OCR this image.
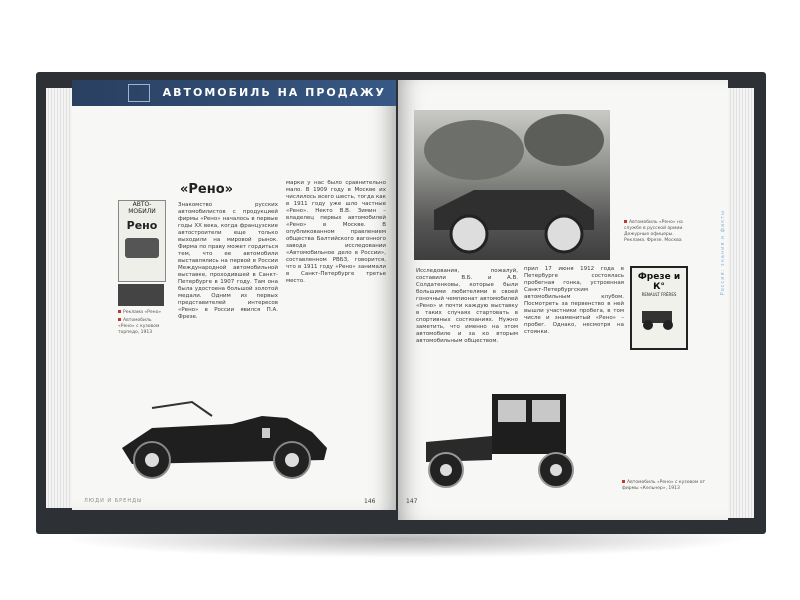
АВТОМОБИЛЬ НА ПРОДАЖУ
АВТО-МОБИЛИ
Рено
Реклама «Рено»
Автомобиль «Рено» с кузовом торпедо, 1913
«Рено»
Знакомство русских автомобилистов с продукцией фирмы «Рено» началось в первые годы XX века, когда французские автостроители еще только выходили на мировой рынок. Фирма по праву может гордиться тем, что ее автомобили выставлялись на первой в России Международной автомобильной выставке, проходившей в Санкт-Петербурге в 1907 году. Там она была удостоена большой золотой медали. Одним из первых представителей интересов «Рено» в России явился П.А. Фрезе.
марки у нас было сравнительно мало. В 1909 году в Москве их числилось всего шесть, тогда как в 1911 году уже шло частные «Рено». Некто В.В. Зимин – владелец первых автомобилей «Рено» в Москве. В опубликованном правлением общества Балтийского вагонного завода исследовании «Автомобильное дело в России», составленном РВБЗ, говорится, что в 1911 году «Рено» занимали в Санкт-Петербурге третье место.
ЛЮДИ И БРЕНДЫ	146
Автомобиль «Рено» на службе в русской армии. Дежурные офицеры. Реклама. Фрезе. Москва
Фрезе и К°
RENAULT FRÈRES
Исследования, пожалуй, составили В.Б. и А.В. Солдатенковы, которые были большими любителями в своей гоночный чемпионат автомобилей «Рено» и почти каждую выставку в таких случаях стартовать в спортивных состязаниях. Нужно заметить, что именно на этом автомобиле и за ко вторым автомобильным обществом.
прил 17 июня 1912 года в Петербурге состоялась пробегная гонка, устроенная Санкт-Петербургским автомобильным клубом. Посмотреть за первенство в ней вышли участники пробега, в том числе и знаменитый «Рено» – пробег. Однако, несмотря на стоянки.
Автомобиль «Рено» с кузовом от фирмы «Кельнер», 1913
Россия: знания и факты
147
